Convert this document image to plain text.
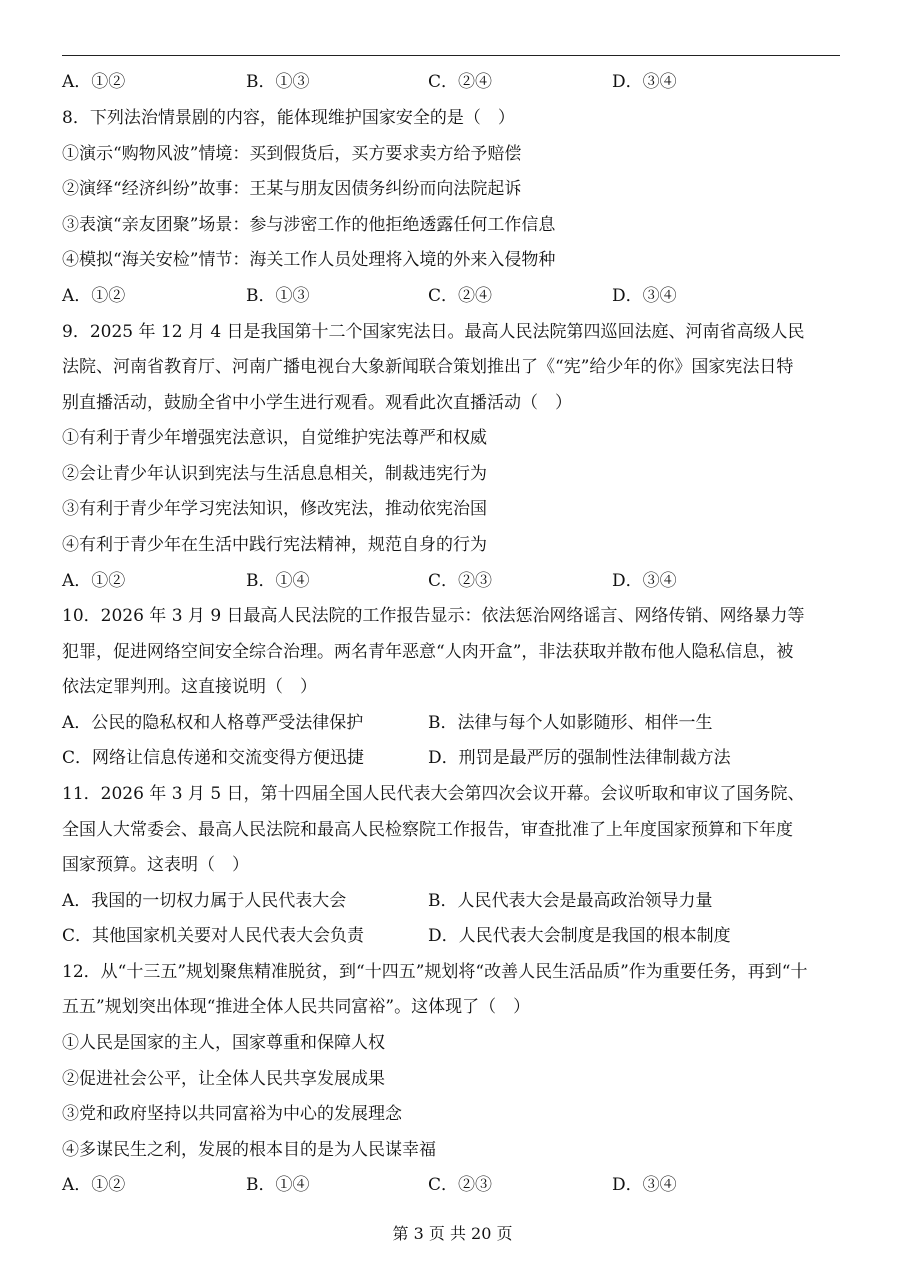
A．①②	B．①③	C．②④	D．③④
8．下列法治情景剧的内容，能体现维护国家安全的是（　）
①演示“购物风波”情境：买到假货后，买方要求卖方给予赔偿
②演绎“经济纠纷”故事：王某与朋友因债务纠纷而向法院起诉
③表演“亲友团聚”场景：参与涉密工作的他拒绝透露任何工作信息
④模拟“海关安检”情节：海关工作人员处理将入境的外来入侵物种
A．①②	B．①③	C．②④	D．③④
9．2025 年 12 月 4 日是我国第十二个国家宪法日。最高人民法院第四巡回法庭、河南省高级人民
法院、河南省教育厅、河南广播电视台大象新闻联合策划推出了《“宪”给少年的你》国家宪法日特
别直播活动，鼓励全省中小学生进行观看。观看此次直播活动（　）
①有利于青少年增强宪法意识，自觉维护宪法尊严和权威
②会让青少年认识到宪法与生活息息相关，制裁违宪行为
③有利于青少年学习宪法知识，修改宪法，推动依宪治国
④有利于青少年在生活中践行宪法精神，规范自身的行为
A．①②	B．①④	C．②③	D．③④
10．2026 年 3 月 9 日最高人民法院的工作报告显示：依法惩治网络谣言、网络传销、网络暴力等
犯罪，促进网络空间安全综合治理。两名青年恶意“人肉开盒”，非法获取并散布他人隐私信息，被
依法定罪判刑。这直接说明（　）
A．公民的隐私权和人格尊严受法律保护	B．法律与每个人如影随形、相伴一生
C．网络让信息传递和交流变得方便迅捷	D．刑罚是最严厉的强制性法律制裁方法
11．2026 年 3 月 5 日，第十四届全国人民代表大会第四次会议开幕。会议听取和审议了国务院、
全国人大常委会、最高人民法院和最高人民检察院工作报告，审查批准了上年度国家预算和下年度
国家预算。这表明（　）
A．我国的一切权力属于人民代表大会	B．人民代表大会是最高政治领导力量
C．其他国家机关要对人民代表大会负责	D．人民代表大会制度是我国的根本制度
12．从“十三五”规划聚焦精准脱贫，到“十四五”规划将“改善人民生活品质”作为重要任务，再到“十
五五”规划突出体现“推进全体人民共同富裕”。这体现了（　）
①人民是国家的主人，国家尊重和保障人权
②促进社会公平，让全体人民共享发展成果
③党和政府坚持以共同富裕为中心的发展理念
④多谋民生之利，发展的根本目的是为人民谋幸福
A．①②	B．①④	C．②③	D．③④
第 3 页 共 20 页
